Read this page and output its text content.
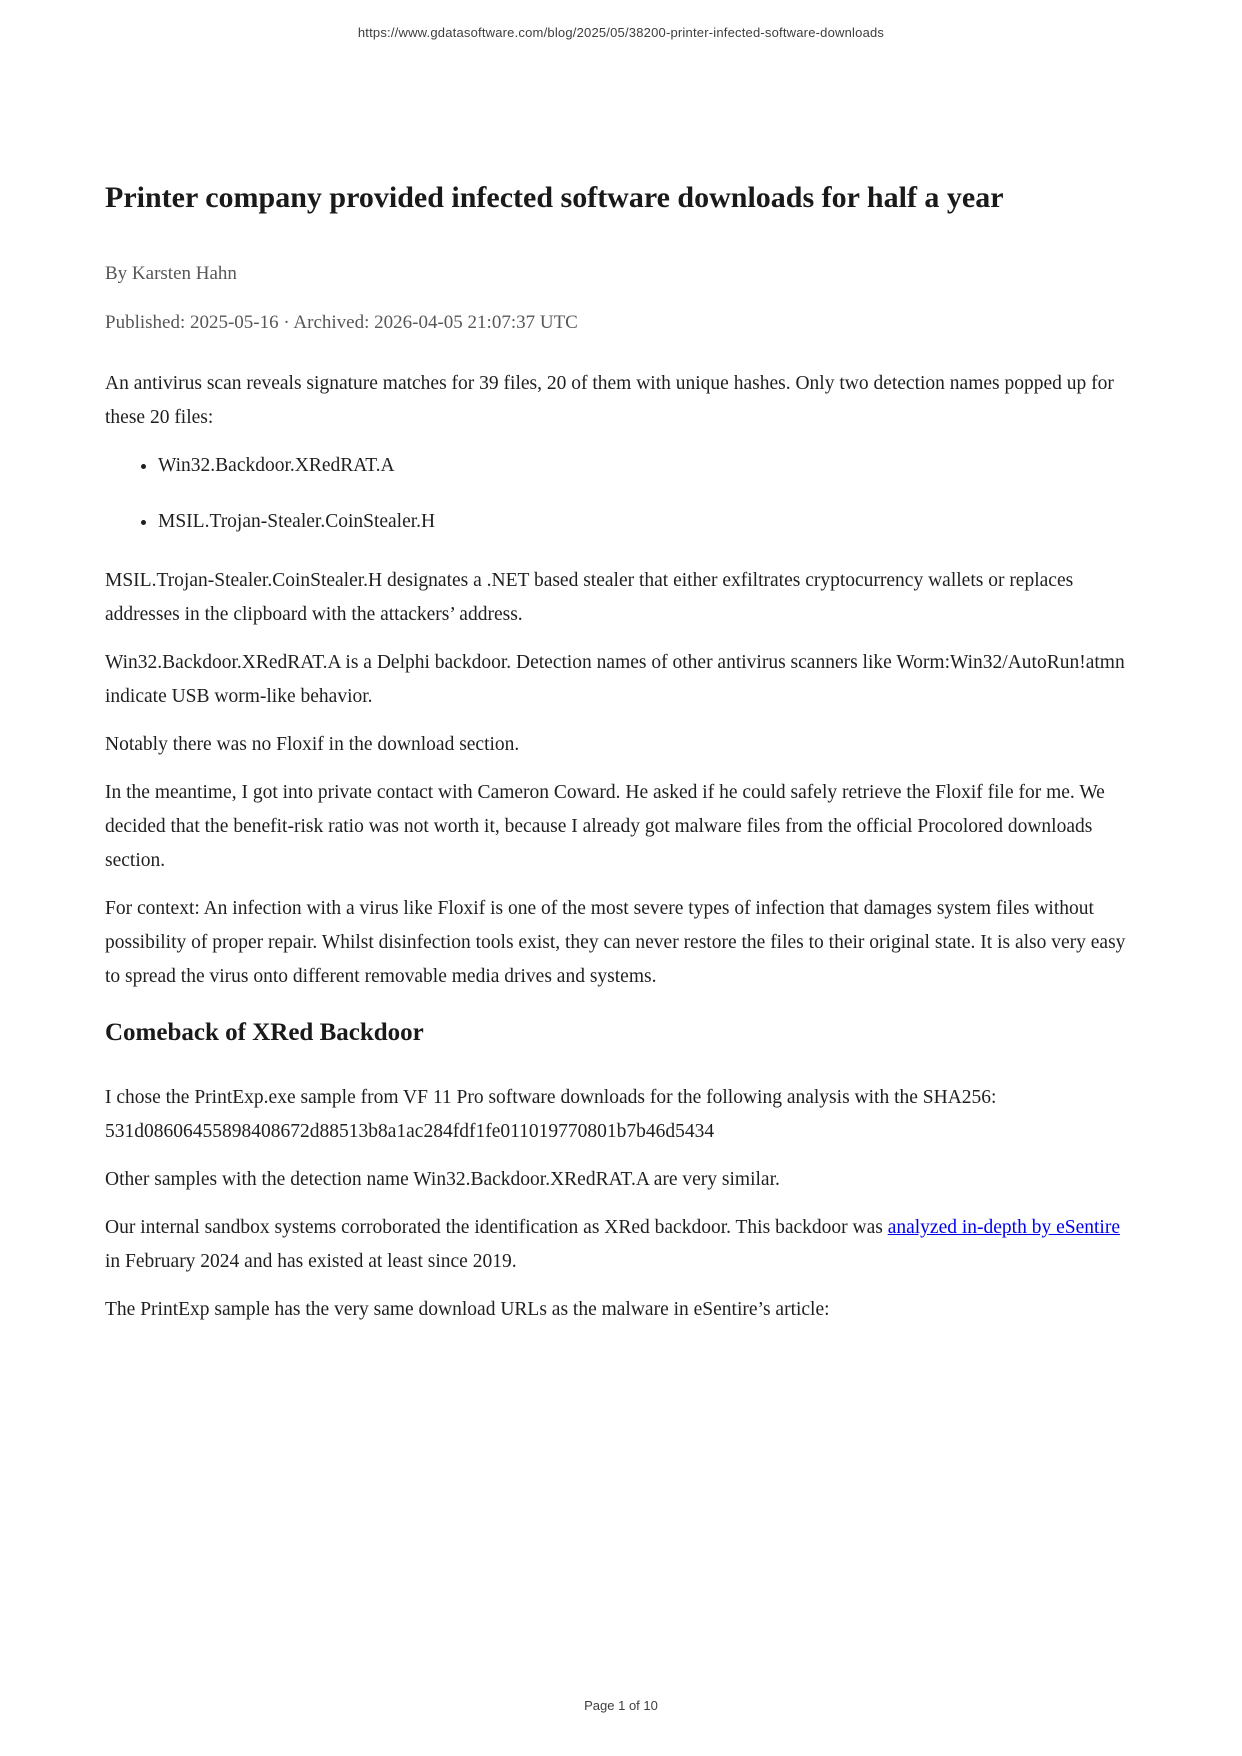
https://www.gdatasoftware.com/blog/2025/05/38200-printer-infected-software-downloads
Printer company provided infected software downloads for half a year

By Karsten Hahn

Published: 2025-05-16 · Archived: 2026-04-05 21:07:37 UTC

An antivirus scan reveals signature matches for 39 files, 20 of them with unique hashes. Only two detection names popped up for these 20 files:

• Win32.Backdoor.XRedRAT.A
• MSIL.Trojan-Stealer.CoinStealer.H

MSIL.Trojan-Stealer.CoinStealer.H designates a .NET based stealer that either exfiltrates cryptocurrency wallets or replaces addresses in the clipboard with the attackers’ address.

Win32.Backdoor.XRedRAT.A is a Delphi backdoor. Detection names of other antivirus scanners like Worm:Win32/AutoRun!atmn indicate USB worm-like behavior.

Notably there was no Floxif in the download section.

In the meantime, I got into private contact with Cameron Coward. He asked if he could safely retrieve the Floxif file for me. We decided that the benefit-risk ratio was not worth it, because I already got malware files from the official Procolored downloads section.

For context: An infection with a virus like Floxif is one of the most severe types of infection that damages system files without possibility of proper repair. Whilst disinfection tools exist, they can never restore the files to their original state. It is also very easy to spread the virus onto different removable media drives and systems.

Comeback of XRed Backdoor

I chose the PrintExp.exe sample from VF 11 Pro software downloads for the following analysis with the SHA256: 531d08606455898408672d88513b8a1ac284fdf1fe011019770801b7b46d5434

Other samples with the detection name Win32.Backdoor.XRedRAT.A are very similar.

Our internal sandbox systems corroborated the identification as XRed backdoor. This backdoor was analyzed in-depth by eSentire in February 2024 and has existed at least since 2019.

The PrintExp sample has the very same download URLs as the malware in eSentire’s article:

Page 1 of 10
